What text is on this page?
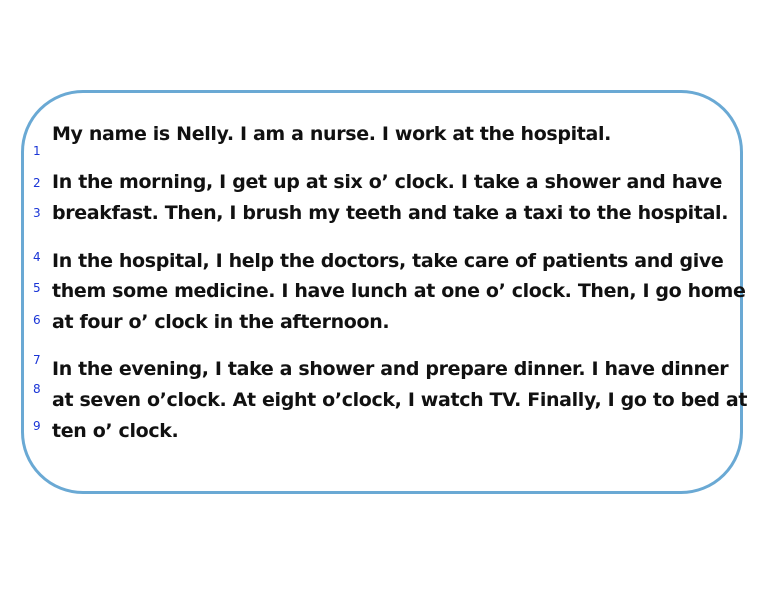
1
2
3
4
5
6
7
8
9
My name is Nelly. I am a nurse. I work at the hospital.
In the morning, I get up at six o’ clock. I take a shower and have
breakfast. Then, I brush my teeth and take a taxi to the hospital.
In the hospital, I help the doctors, take care of patients and give
them some medicine. I have lunch at one o’ clock. Then, I go home
at four o’ clock in the afternoon.
In the evening, I take a shower and prepare dinner. I have dinner
at seven o’clock. At eight o’clock, I watch TV. Finally, I go to bed at
ten o’ clock.
